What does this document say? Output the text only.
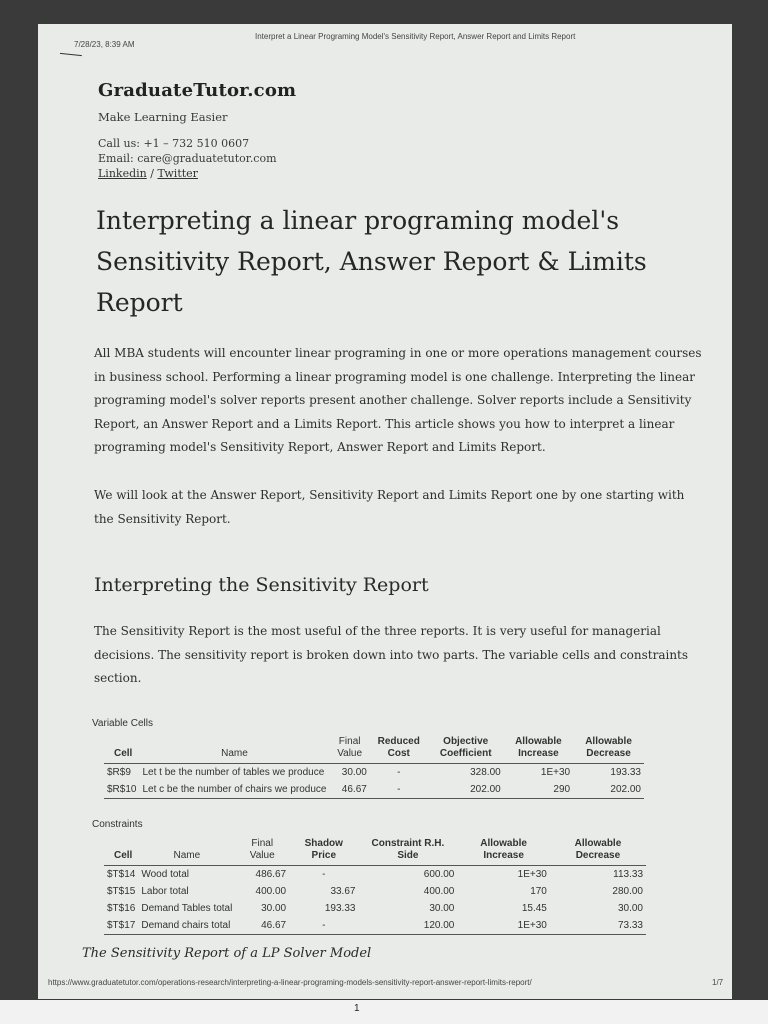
7/28/23, 8:39 AM
Interpret a Linear Programing Model's Sensitivity Report, Answer Report and Limits Report
GraduateTutor.com
Make Learning Easier
Call us: +1 – 732 510 0607
Email: care@graduatetutor.com
Linkedin / Twitter
Interpreting a linear programing model's Sensitivity Report, Answer Report & Limits Report
All MBA students will encounter linear programing in one or more operations management courses in business school. Performing a linear programing model is one challenge. Interpreting the linear programing model's solver reports present another challenge. Solver reports include a Sensitivity Report, an Answer Report and a Limits Report. This article shows you how to interpret a linear programing model's Sensitivity Report, Answer Report and Limits Report.
We will look at the Answer Report, Sensitivity Report and Limits Report one by one starting with the Sensitivity Report.
Interpreting the Sensitivity Report
The Sensitivity Report is the most useful of the three reports. It is very useful for managerial decisions. The sensitivity report is broken down into two parts. The variable cells and constraints section.
Variable Cells
Cell	Name	Final Value	Reduced Cost	Objective Coefficient	Allowable Increase	Allowable Decrease
$R$9	Let t be the number of tables we produce	30.00	-	328.00	1E+30	193.33
$R$10	Let c be the number of chairs we produce	46.67	-	202.00	290	202.00
Constraints
Cell	Name	Final Value	Shadow Price	Constraint R.H. Side	Allowable Increase	Allowable Decrease
$T$14	Wood total	486.67	-	600.00	1E+30	113.33
$T$15	Labor total	400.00	33.67	400.00	170	280.00
$T$16	Demand Tables total	30.00	193.33	30.00	15.45	30.00
$T$17	Demand chairs total	46.67	-	120.00	1E+30	73.33
The Sensitivity Report of a LP Solver Model
https://www.graduatetutor.com/operations-research/interpreting-a-linear-programing-models-sensitivity-report-answer-report-limits-report/	1/7
1
